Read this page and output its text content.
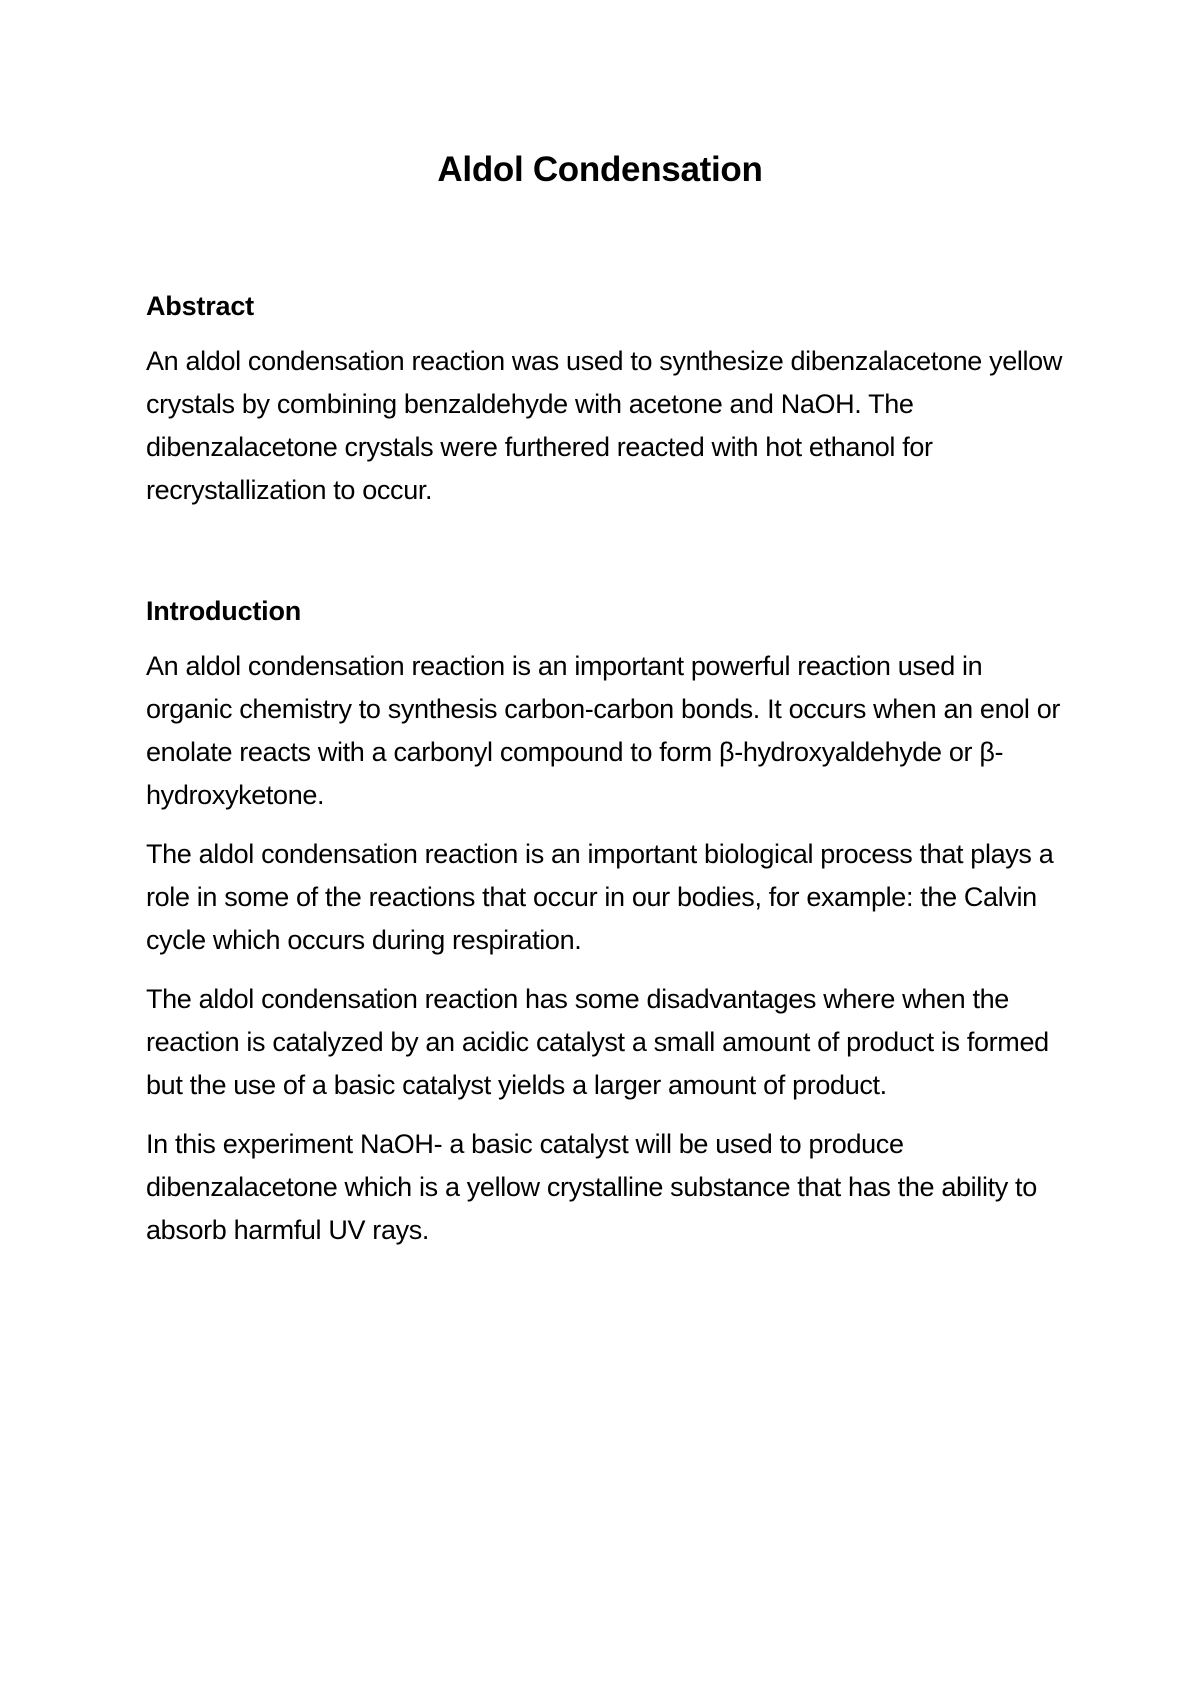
Aldol Condensation
Abstract

An aldol condensation reaction was used to synthesize dibenzalacetone yellow crystals by combining benzaldehyde with acetone and NaOH. The dibenzalacetone crystals were furthered reacted with hot ethanol for recrystallization to occur.

Introduction

An aldol condensation reaction is an important powerful reaction used in organic chemistry to synthesis carbon-carbon bonds. It occurs when an enol or enolate reacts with a carbonyl compound to form β-hydroxyaldehyde or β-hydroxyketone.

The aldol condensation reaction is an important biological process that plays a role in some of the reactions that occur in our bodies, for example: the Calvin cycle which occurs during respiration.

The aldol condensation reaction has some disadvantages where when the reaction is catalyzed by an acidic catalyst a small amount of product is formed but the use of a basic catalyst yields a larger amount of product.

In this experiment NaOH- a basic catalyst will be used to produce dibenzalacetone which is a yellow crystalline substance that has the ability to absorb harmful UV rays.
